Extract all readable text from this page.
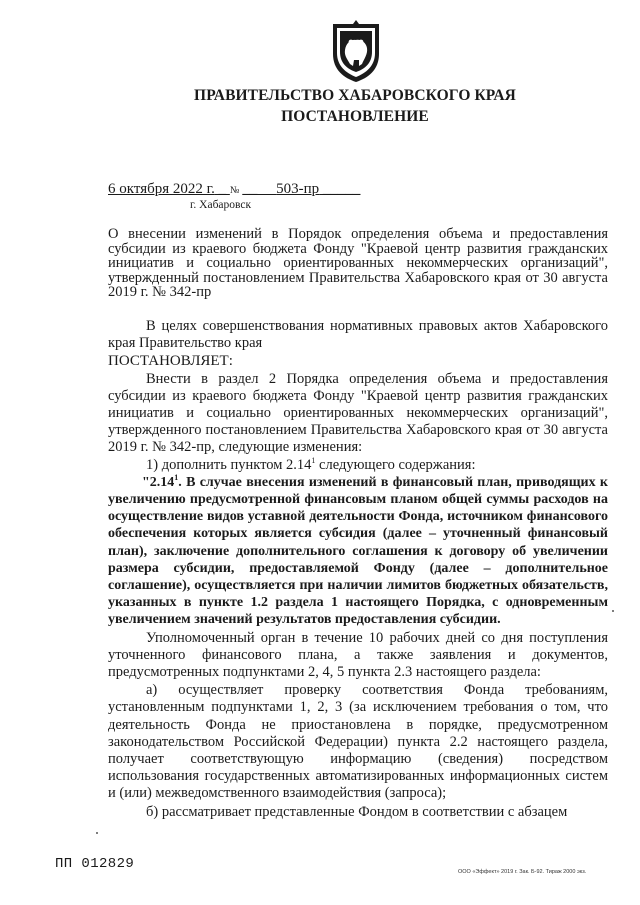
ПРАВИТЕЛЬСТВО ХАБАРОВСКОГО КРАЯ
ПОСТАНОВЛЕНИЕ
6 октября 2022 г. _ № __     503-пр _____
г. Хабаровск

О внесении изменений в Порядок определения объема и предоставления субсидии из краевого бюджета Фонду "Краевой центр развития гражданских инициатив и социально ориентированных некоммерческих организаций", утвержденный постановлением Правительства Хабаровского края от 30 августа 2019 г. № 342-пр

В целях совершенствования нормативных правовых актов Хабаровского края Правительство края

ПОСТАНОВЛЯЕТ:

Внести в раздел 2 Порядка определения объема и предоставления субсидии из краевого бюджета Фонду "Краевой центр развития гражданских инициатив и социально ориентированных некоммерческих организаций", утвержденного постановлением Правительства Хабаровского края от 30 августа 2019 г. № 342-пр, следующие изменения:

1) дополнить пунктом 2.14$^1$ следующего содержания:

"2.14$^1$. В случае внесения изменений в финансовый план, приводящих к увеличению предусмотренной финансовым планом общей суммы расходов на осуществление видов уставной деятельности Фонда, источником финансового обеспечения которых является субсидия (далее – уточненный финансовый план), заключение дополнительного соглашения к договору об увеличении размера субсидии, предоставляемой Фонду (далее – дополнительное соглашение), осуществляется при наличии лимитов бюджетных обязательств, указанных в пункте 1.2 раздела 1 настоящего Порядка, с одновременным увеличением значений результатов предоставления субсидии.

Уполномоченный орган в течение 10 рабочих дней со дня поступления уточненного финансового плана, а также заявления и документов, предусмотренных подпунктами 2, 4, 5 пункта 2.3 настоящего раздела:

а) осуществляет проверку соответствия Фонда требованиям, установленным подпунктами 1, 2, 3 (за исключением требования о том, что деятельность Фонда не приостановлена в порядке, предусмотренном законодательством Российской Федерации) пункта 2.2 настоящего раздела, получает соответствующую информацию (сведения) посредством использования государственных автоматизированных информационных систем и (или) межведомственного взаимодействия (запроса);

б) рассматривает представленные Фондом в соответствии с абзацем

ПП 012829	ООО «Эффект» 2019 г. Зак. Б-92. Тираж 2000 экз.
